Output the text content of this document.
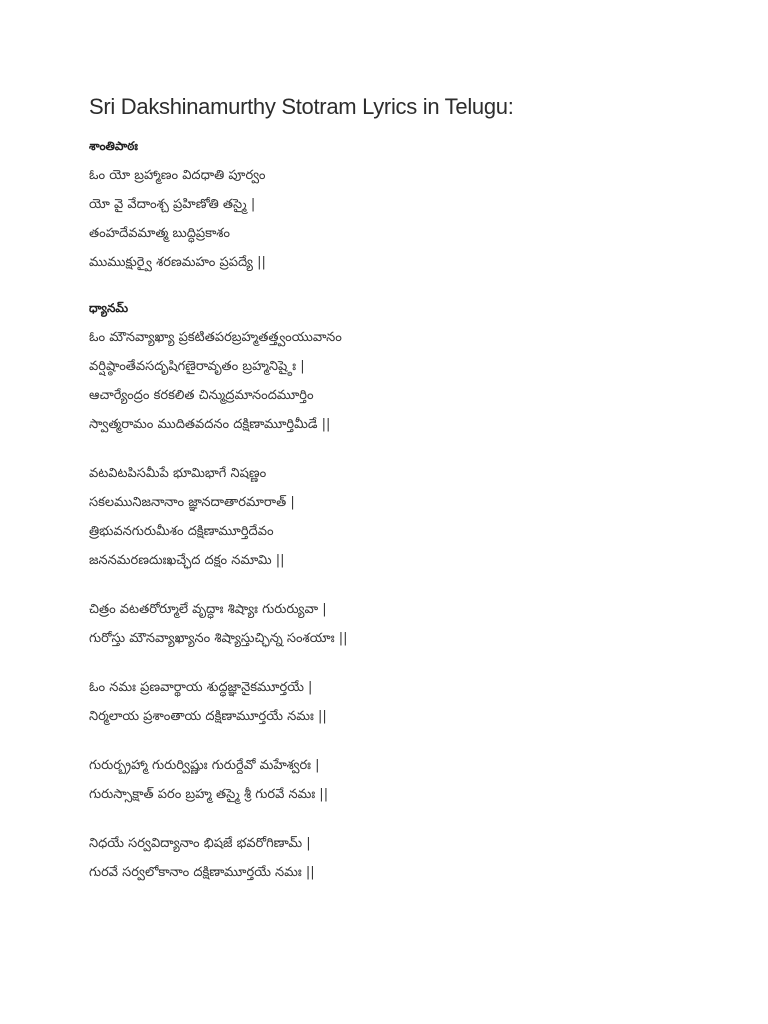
Sri Dakshinamurthy Stotram Lyrics in Telugu:
శాంతిపాఠః
ఓం యో బ్రహ్మాణం విదధాతి పూర్వం
యో వై వేదాంశ్చ ప్రహిణోతి తస్మై |
తంహదేవమాత్మ బుద్ధిప్రకాశం
ముముక్షుర్వై శరణమహం ప్రపద్యే ||
ధ్యానమ్
ఓం మౌనవ్యాఖ్యా ప్రకటితపరబ్రహ్మతత్త్వంయువానం
వర్షిష్ఠాంతేవసదృషిగణైరావృతం బ్రహ్మనిష్ఠైః |
ఆచార్యేంద్రం కరకలిత చిన్ముద్రమానందమూర్తిం
స్వాత్మరామం ముదితవదనం దక్షిణామూర్తిమీడే ||
వటవిటపిసమీపే భూమిభాగే నిషణ్ణం
సకలమునిజనానాం జ్ఞానదాతారమారాత్ |
త్రిభువనగురుమీశం దక్షిణామూర్తిదేవం
జననమరణదుఃఖచ్ఛేద దక్షం నమామి ||
చిత్రం వటతరోర్మూలే వృద్ధాః శిష్యాః గురుర్యువా |
గురోస్తు మౌనవ్యాఖ్యానం శిష్యాస్తుచ్ఛిన్న సంశయాః ||
ఓం నమః ప్రణవార్థాయ శుద్ధజ్ఞానైకమూర్తయే |
నిర్మలాయ ప్రశాంతాయ దక్షిణామూర్తయే నమః ||
గురుర్బ్రహ్మా గురుర్విష్ణుః గురుర్దేవో మహేశ్వరః |
గురుస్సాక్షాత్ పరం బ్రహ్మ తస్మై శ్రీ గురవే నమః ||
నిధయే సర్వవిద్యానాం భిషజే భవరోగిణామ్ |
గురవే సర్వలోకానాం దక్షిణామూర్తయే నమః ||
